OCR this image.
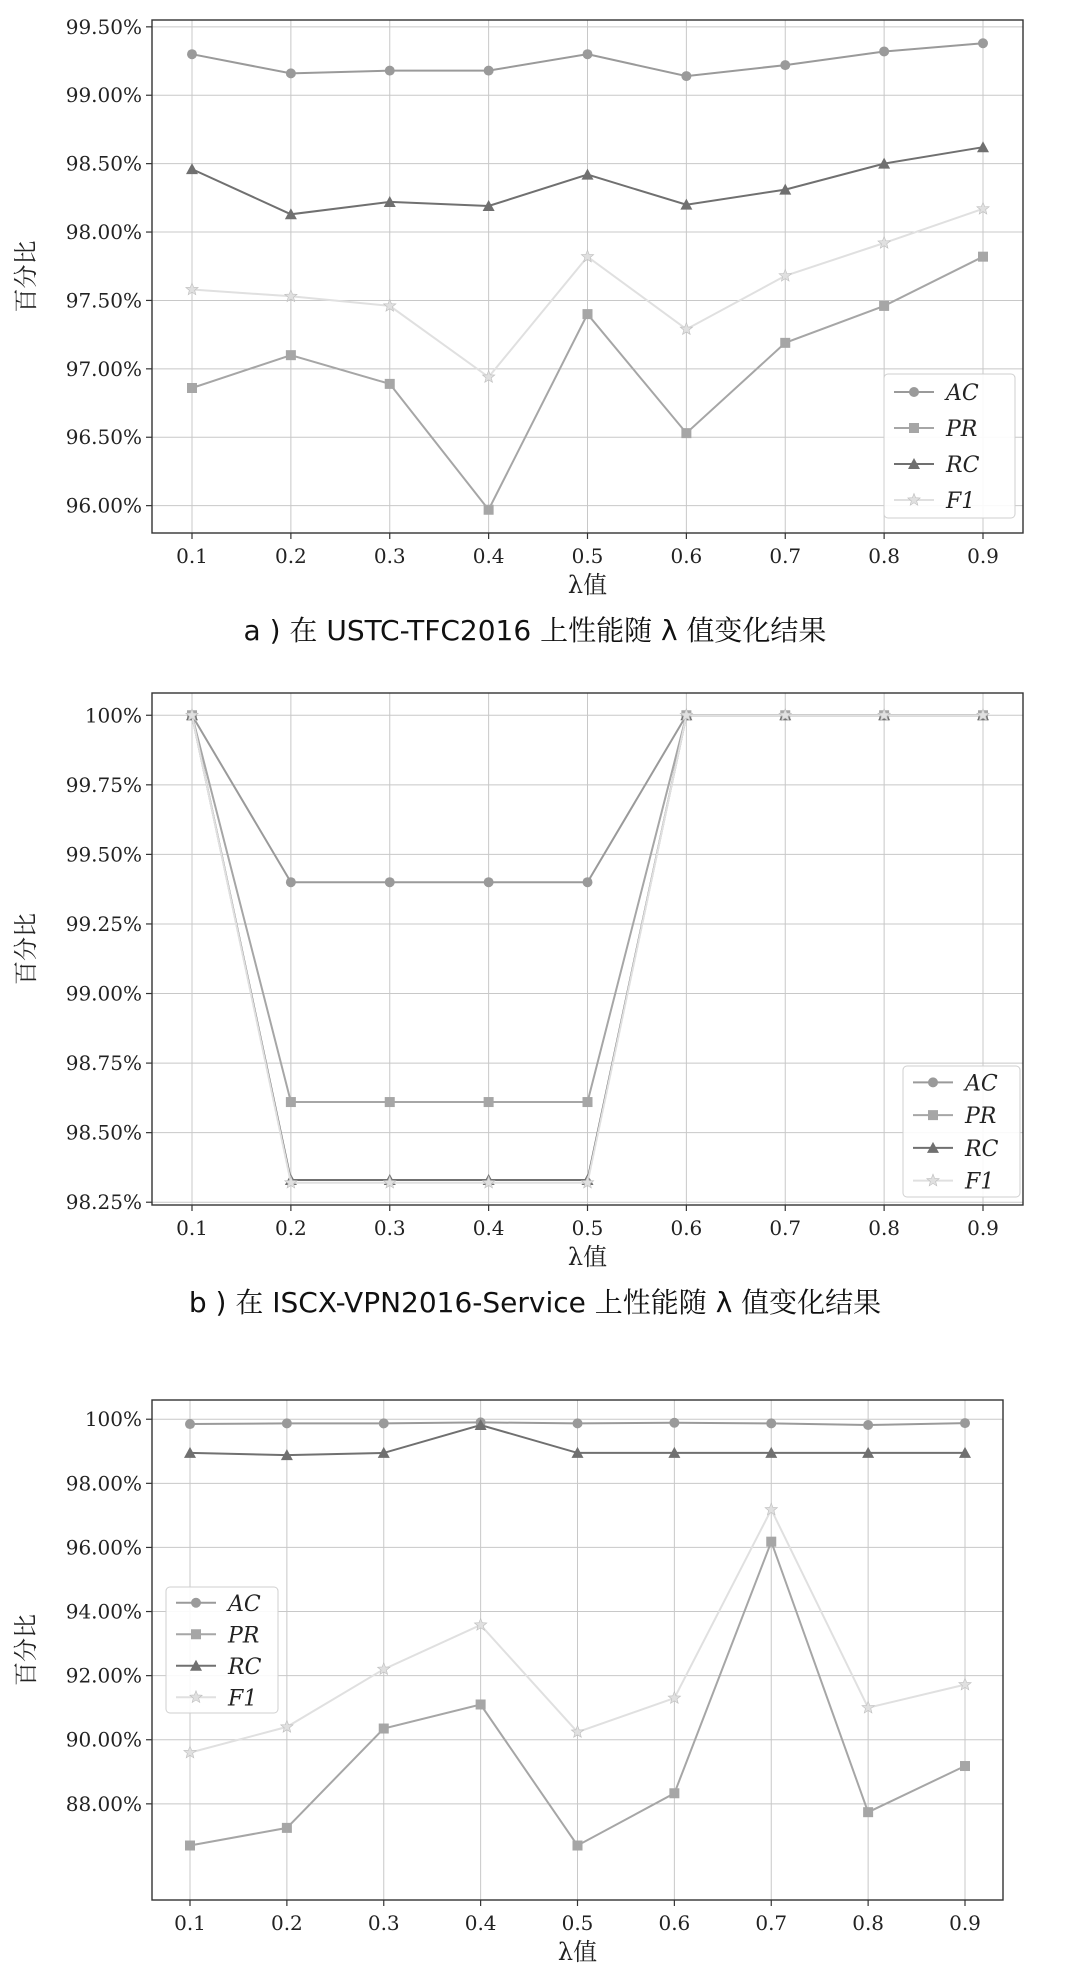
0.1	0.2	0.3	0.4	0.5	0.6	0.7	0.8	0.9
96.00%
96.50%
97.00%
97.50%
98.00%
98.50%
99.00%
99.50%
λ值
百分比
AC
PR
RC
F1
a ) 在 USTC-TFC2016 上性能随 λ 值变化结果
0.1	0.2	0.3	0.4	0.5	0.6	0.7	0.8	0.9
98.25%
98.50%
98.75%
99.00%
99.25%
99.50%
99.75%
100%
λ值
百分比
AC
PR
RC
F1
b ) 在 ISCX-VPN2016-Service 上性能随 λ 值变化结果
0.1	0.2	0.3	0.4	0.5	0.6	0.7	0.8	0.9
88.00%
90.00%
92.00%
94.00%
96.00%
98.00%
100%
λ值
百分比
AC
PR
RC
F1
